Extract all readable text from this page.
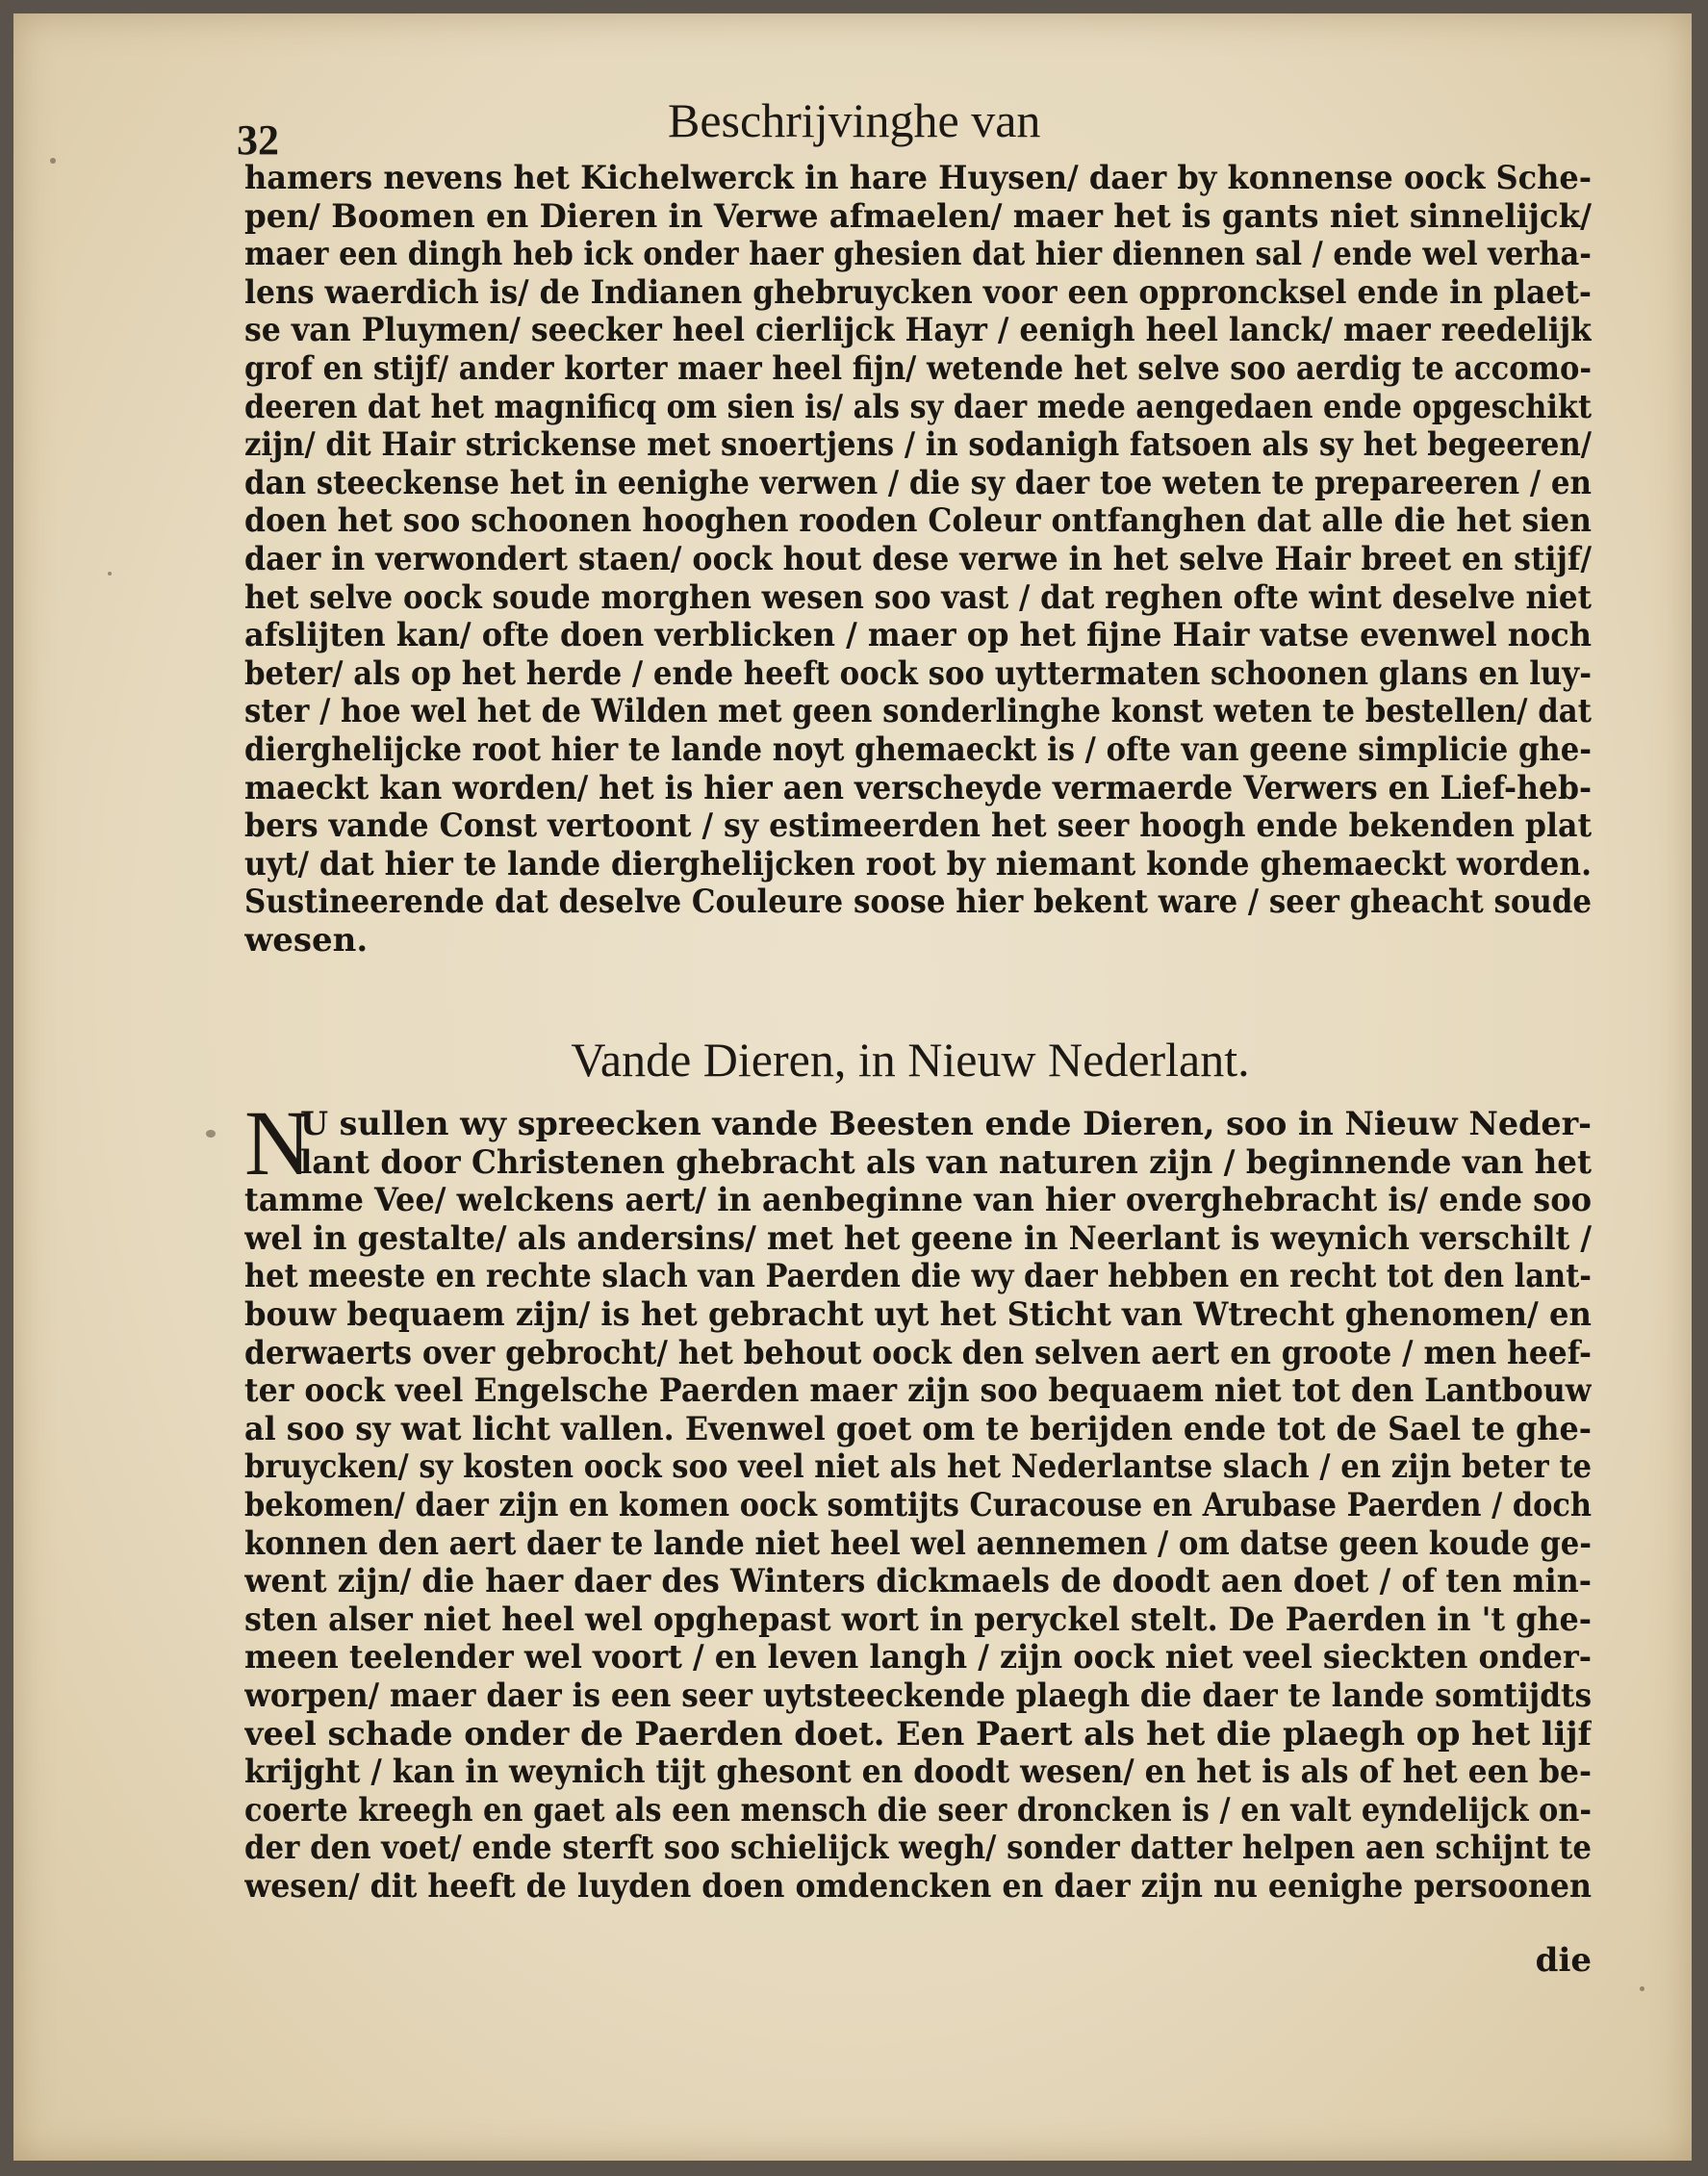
32	Beschrijvinghe van
hamers nevens het Kichelwerck in hare Huysen/ daer by konnense oock Sche-
pen/ Boomen en Dieren in Verwe afmaelen/ maer het is gants niet sinnelijck/
maer een dingh heb ick onder haer ghesien dat hier diennen sal / ende wel verha-
lens waerdich is/ de Indianen ghebruycken voor een opproncksel ende in plaet-
se van Pluymen/ seecker heel cierlijck Hayr / eenigh heel lanck/ maer reedelijk
grof en stijf/ ander korter maer heel fijn/ wetende het selve soo aerdig te accomo-
deeren dat het magnificq om sien is/ als sy daer mede aengedaen ende opgeschikt
zijn/ dit Hair strickense met snoertjens / in sodanigh fatsoen als sy het begeeren/
dan steeckense het in eenighe verwen / die sy daer toe weten te prepareeren / en
doen het soo schoonen hooghen rooden Coleur ontfanghen dat alle die het sien
daer in verwondert staen/ oock hout dese verwe in het selve Hair breet en stijf/
het selve oock soude morghen wesen soo vast / dat reghen ofte wint deselve niet
afslijten kan/ ofte doen verblicken / maer op het fijne Hair vatse evenwel noch
beter/ als op het herde / ende heeft oock soo uyttermaten schoonen glans en luy-
ster / hoe wel het de Wilden met geen sonderlinghe konst weten te bestellen/ dat
dierghelijcke root hier te lande noyt ghemaeckt is / ofte van geene simplicie ghe-
maeckt kan worden/ het is hier aen verscheyde vermaerde Verwers en Lief-heb-
bers vande Const vertoont / sy estimeerden het seer hoogh ende bekenden plat
uyt/ dat hier te lande dierghelijcken root by niemant konde ghemaeckt worden.
Sustineerende dat deselve Couleure soose hier bekent ware / seer gheacht soude
wesen.
Vande Dieren, in Nieuw Nederlant.
N
U sullen wy spreecken vande Beesten ende Dieren, soo in Nieuw Neder-
lant door Christenen ghebracht als van naturen zijn / beginnende van het
tamme Vee/ welckens aert/ in aenbeginne van hier overghebracht is/ ende soo
wel in gestalte/ als andersins/ met het geene in Neerlant is weynich verschilt /
het meeste en rechte slach van Paerden die wy daer hebben en recht tot den lant-
bouw bequaem zijn/ is het gebracht uyt het Sticht van Wtrecht ghenomen/ en
derwaerts over gebrocht/ het behout oock den selven aert en groote / men heef-
ter oock veel Engelsche Paerden maer zijn soo bequaem niet tot den Lantbouw
al soo sy wat licht vallen. Evenwel goet om te berijden ende tot de Sael te ghe-
bruycken/ sy kosten oock soo veel niet als het Nederlantse slach / en zijn beter te
bekomen/ daer zijn en komen oock somtijts Curacouse en Arubase Paerden / doch
konnen den aert daer te lande niet heel wel aennemen / om datse geen koude ge-
went zijn/ die haer daer des Winters dickmaels de doodt aen doet / of ten min-
sten alser niet heel wel opghepast wort in peryckel stelt. De Paerden in 't ghe-
meen teelender wel voort / en leven langh / zijn oock niet veel sieckten onder-
worpen/ maer daer is een seer uytsteeckende plaegh die daer te lande somtijdts
veel schade onder de Paerden doet. Een Paert als het die plaegh op het lijf
krijght / kan in weynich tijt ghesont en doodt wesen/ en het is als of het een be-
coerte kreegh en gaet als een mensch die seer droncken is / en valt eyndelijck on-
der den voet/ ende sterft soo schielijck wegh/ sonder datter helpen aen schijnt te
wesen/ dit heeft de luyden doen omdencken en daer zijn nu eenighe persoonen
die
